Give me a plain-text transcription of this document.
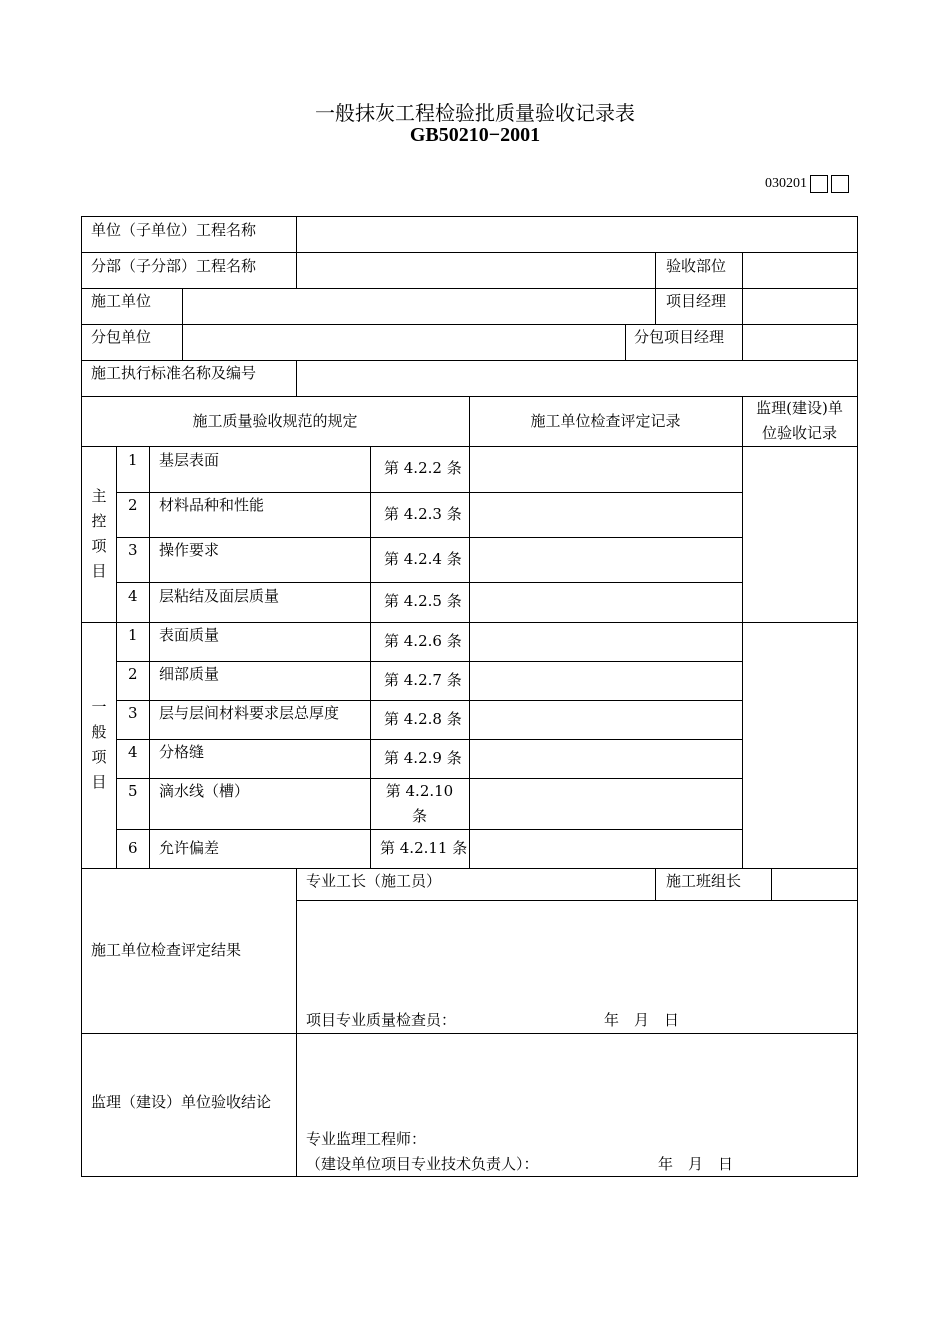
一般抹灰工程检验批质量验收记录表
GB50210−2001
030201
单位（子单位）工程名称
分部（子分部）工程名称	验收部位
施工单位	项目经理
分包单位	分包项目经理
施工执行标准名称及编号
施工质量验收规范的规定	施工单位检查评定记录
监理(建设)单
位验收记录
主控项目
1 基层表面	第 4.2.2 条
2 材料品种和性能	第 4.2.3 条
3 操作要求	第 4.2.4 条
4 层粘结及面层质量	第 4.2.5 条
一般项目
1 表面质量	第 4.2.6 条
2 细部质量	第 4.2.7 条
3 层与层间材料要求层总厚度	第 4.2.8 条
4 分格缝	第 4.2.9 条
5 滴水线（槽）	第 4.2.10
条
6 允许偏差	第 4.2.11 条
专业工长（施工员）	施工班组长
施工单位检查评定结果
项目专业质量检查员：	年　月　日
监理（建设）单位验收结论
专业监理工程师：
（建设单位项目专业技术负责人）：	年　月　日
